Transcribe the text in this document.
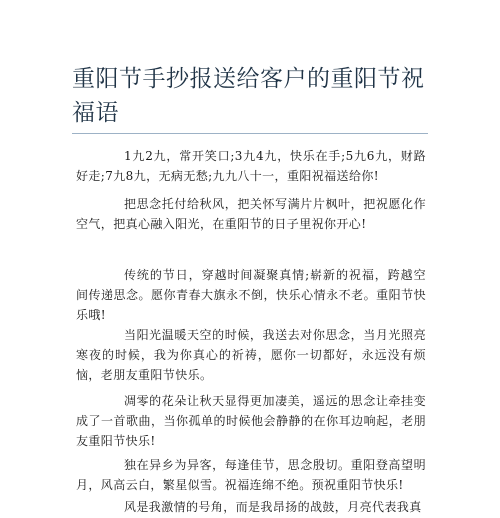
重阳节手抄报送给客户的重阳节祝福语

1九2九，常开笑口;3九4九，快乐在手;5九6九，财路好走;7九8九，无病无愁;九九八十一，重阳祝福送给你!

把思念托付给秋风，把关怀写满片片枫叶，把祝愿化作空气，把真心融入阳光，在重阳节的日子里祝你开心!

传统的节日，穿越时间凝聚真情;崭新的祝福，跨越空间传递思念。愿你青春大旗永不倒，快乐心情永不老。重阳节快乐哦!

当阳光温暖天空的时候，我送去对你思念，当月光照亮寒夜的时候，我为你真心的祈祷，愿你一切都好，永远没有烦恼，老朋友重阳节快乐。

凋零的花朵让秋天显得更加凄美，遥远的思念让牵挂变成了一首歌曲，当你孤单的时候他会静静的在你耳边响起，老朋友重阳节快乐!

独在异乡为异客，每逢佳节，思念殷切。重阳登高望明月，风高云白，繁星似雪。祝福连绵不绝。预祝重阳节快乐!

风是我激情的号角，而是我昂扬的战鼓，月亮代表我真
